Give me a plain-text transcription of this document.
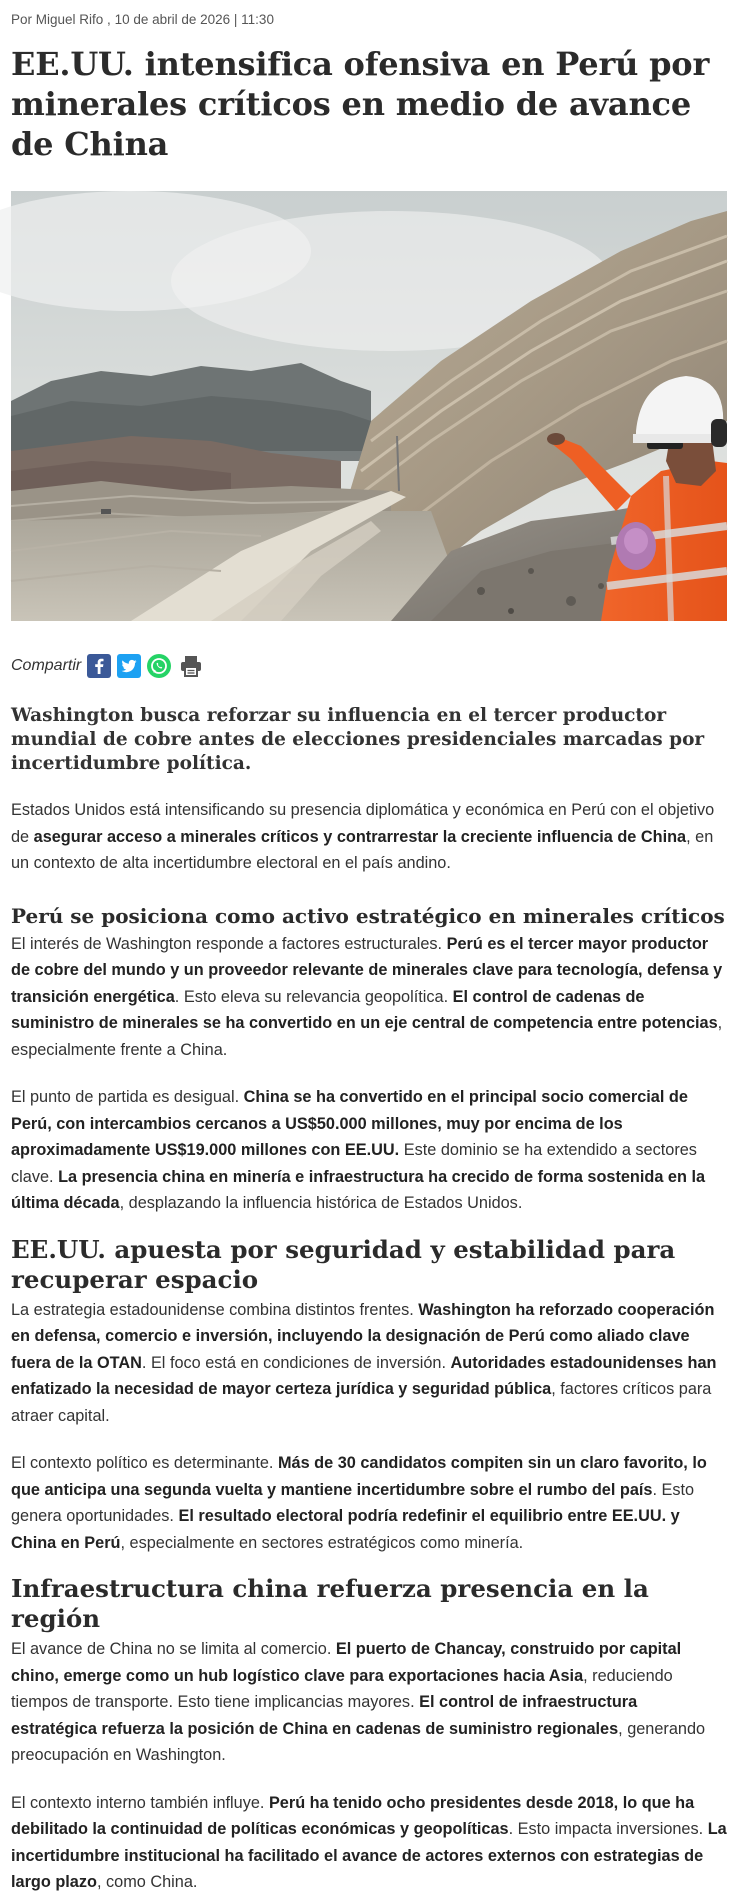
Por Miguel Rifo , 10 de abril de 2026 | 11:30
EE.UU. intensifica ofensiva en Perú por minerales críticos en medio de avance de China
Compartir

Washington busca reforzar su influencia en el tercer productor mundial de cobre antes de elecciones presidenciales marcadas por incertidumbre política.

Estados Unidos está intensificando su presencia diplomática y económica en Perú con el objetivo de asegurar acceso a minerales críticos y contrarrestar la creciente influencia de China, en un contexto de alta incertidumbre electoral en el país andino.

Perú se posiciona como activo estratégico en minerales críticos

El interés de Washington responde a factores estructurales. Perú es el tercer mayor productor de cobre del mundo y un proveedor relevante de minerales clave para tecnología, defensa y transición energética. Esto eleva su relevancia geopolítica. El control de cadenas de suministro de minerales se ha convertido en un eje central de competencia entre potencias, especialmente frente a China.

El punto de partida es desigual. China se ha convertido en el principal socio comercial de Perú, con intercambios cercanos a US$50.000 millones, muy por encima de los aproximadamente US$19.000 millones con EE.UU. Este dominio se ha extendido a sectores clave. La presencia china en minería e infraestructura ha crecido de forma sostenida en la última década, desplazando la influencia histórica de Estados Unidos.

EE.UU. apuesta por seguridad y estabilidad para recuperar espacio

La estrategia estadounidense combina distintos frentes. Washington ha reforzado cooperación en defensa, comercio e inversión, incluyendo la designación de Perú como aliado clave fuera de la OTAN. El foco está en condiciones de inversión. Autoridades estadounidenses han enfatizado la necesidad de mayor certeza jurídica y seguridad pública, factores críticos para atraer capital.

El contexto político es determinante. Más de 30 candidatos compiten sin un claro favorito, lo que anticipa una segunda vuelta y mantiene incertidumbre sobre el rumbo del país. Esto genera oportunidades. El resultado electoral podría redefinir el equilibrio entre EE.UU. y China en Perú, especialmente en sectores estratégicos como minería.

Infraestructura china refuerza presencia en la región

El avance de China no se limita al comercio. El puerto de Chancay, construido por capital chino, emerge como un hub logístico clave para exportaciones hacia Asia, reduciendo tiempos de transporte. Esto tiene implicancias mayores. El control de infraestructura estratégica refuerza la posición de China en cadenas de suministro regionales, generando preocupación en Washington.

El contexto interno también influye. Perú ha tenido ocho presidentes desde 2018, lo que ha debilitado la continuidad de políticas económicas y geopolíticas. Esto impacta inversiones. La incertidumbre institucional ha facilitado el avance de actores externos con estrategias de largo plazo, como China.
